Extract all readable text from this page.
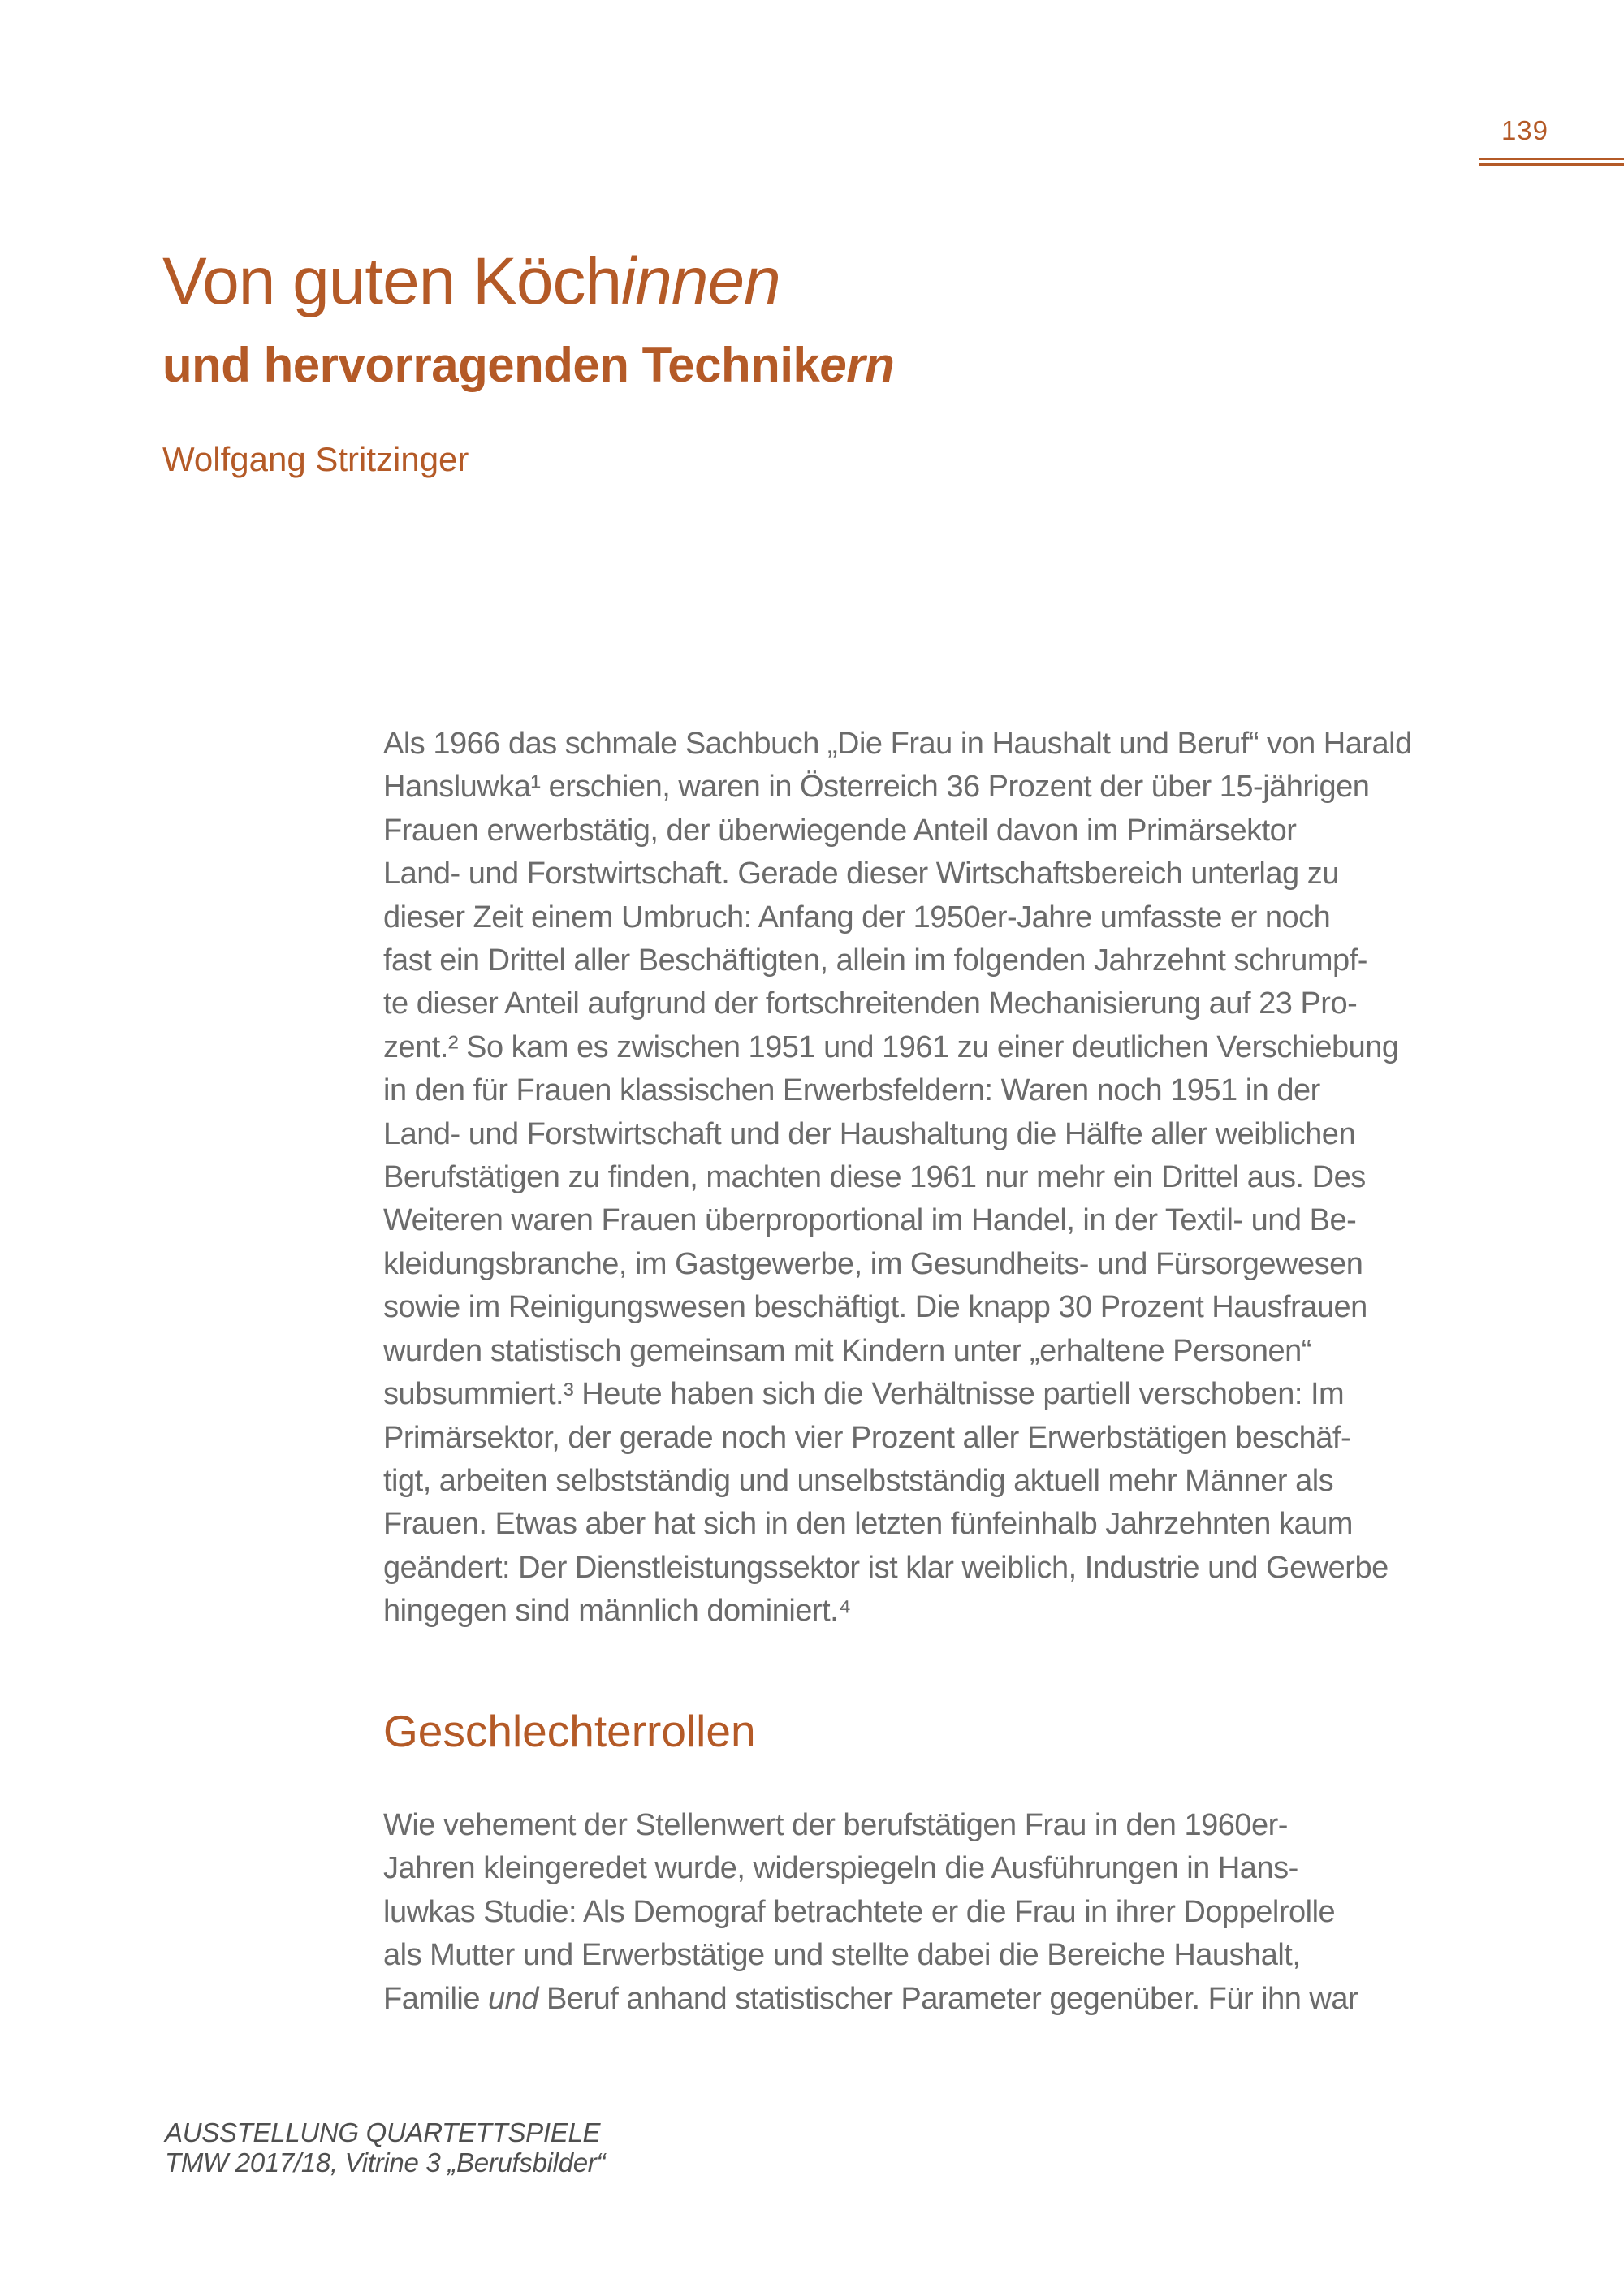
139
Von guten Köchinnen
und hervorragenden Technikern
Wolfgang Stritzinger
Als 1966 das schmale Sachbuch „Die Frau in Haushalt und Beruf“ von Harald
Hansluwka¹ erschien, waren in Österreich 36 Prozent der über 15-jährigen
Frauen erwerbstätig, der überwiegende Anteil davon im Primärsektor
Land- und Forstwirtschaft. Gerade dieser Wirtschaftsbereich unterlag zu
dieser Zeit einem Umbruch: Anfang der 1950er-Jahre umfasste er noch
fast ein Drittel aller Beschäftigten, allein im folgenden Jahrzehnt schrumpf-
te dieser Anteil aufgrund der fortschreitenden Mechanisierung auf 23 Pro-
zent.² So kam es zwischen 1951 und 1961 zu einer deutlichen Verschiebung
in den für Frauen klassischen Erwerbsfeldern: Waren noch 1951 in der
Land- und Forstwirtschaft und der Haushaltung die Hälfte aller weiblichen
Berufstätigen zu finden, machten diese 1961 nur mehr ein Drittel aus. Des
Weiteren waren Frauen überproportional im Handel, in der Textil- und Be-
kleidungsbranche, im Gastgewerbe, im Gesundheits- und Fürsorgewesen
sowie im Reinigungswesen beschäftigt. Die knapp 30 Prozent Hausfrauen
wurden statistisch gemeinsam mit Kindern unter „erhaltene Personen“
subsummiert.³ Heute haben sich die Verhältnisse partiell verschoben: Im
Primärsektor, der gerade noch vier Prozent aller Erwerbstätigen beschäf-
tigt, arbeiten selbstständig und unselbstständig aktuell mehr Männer als
Frauen. Etwas aber hat sich in den letzten fünfeinhalb Jahrzehnten kaum
geändert: Der Dienstleistungssektor ist klar weiblich, Industrie und Gewerbe
hingegen sind männlich dominiert.⁴
Geschlechterrollen
Wie vehement der Stellenwert der berufstätigen Frau in den 1960er-
Jahren kleingeredet wurde, widerspiegeln die Ausführungen in Hans-
luwkas Studie: Als Demograf betrachtete er die Frau in ihrer Doppelrolle
als Mutter und Erwerbstätige und stellte dabei die Bereiche Haushalt,
Familie und Beruf anhand statistischer Parameter gegenüber. Für ihn war
AUSSTELLUNG QUARTETTSPIELE
TMW 2017/18, Vitrine 3 „Berufsbilder“
